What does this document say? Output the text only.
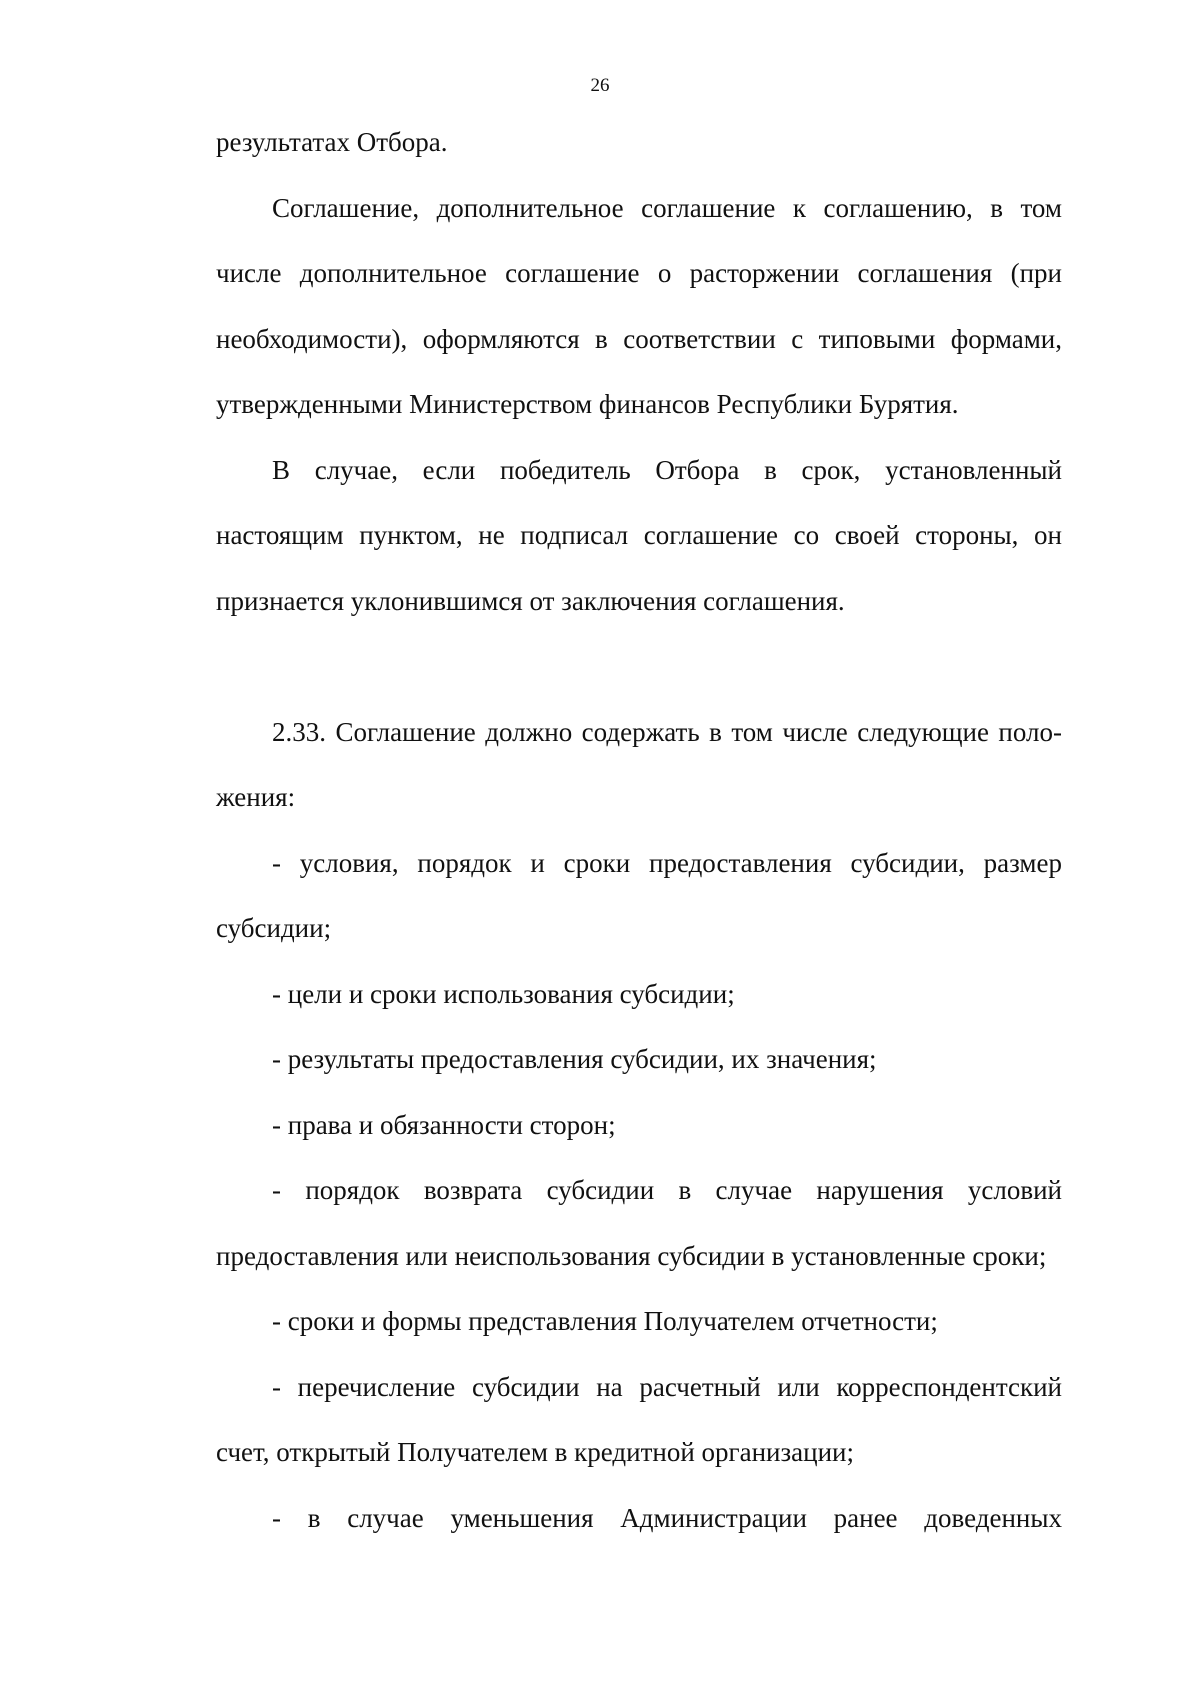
26

результатах Отбора.

Соглашение, дополнительное соглашение к соглашению, в том числе дополнительное соглашение о расторжении соглашения (при необходимости), оформляются в соответствии с типовыми формами, утвержденными Министерством финансов Республики Бурятия.

В случае, если победитель Отбора в срок, установленный настоящим пунктом, не подписал соглашение со своей стороны, он признается уклонившимся от заключения соглашения.

2.33. Соглашение должно содержать в том числе следующие поло-жения:

- условия, порядок и сроки предоставления субсидии, размер субсидии;

- цели и сроки использования субсидии;

- результаты предоставления субсидии, их значения;

- права и обязанности сторон;

- порядок возврата субсидии в случае нарушения условий предоставления или неиспользования субсидии в установленные сроки;

- сроки и формы представления Получателем отчетности;

- перечисление субсидии на расчетный или корреспондентский счет, открытый Получателем в кредитной организации;

- в случае уменьшения Администрации ранее доведенных
